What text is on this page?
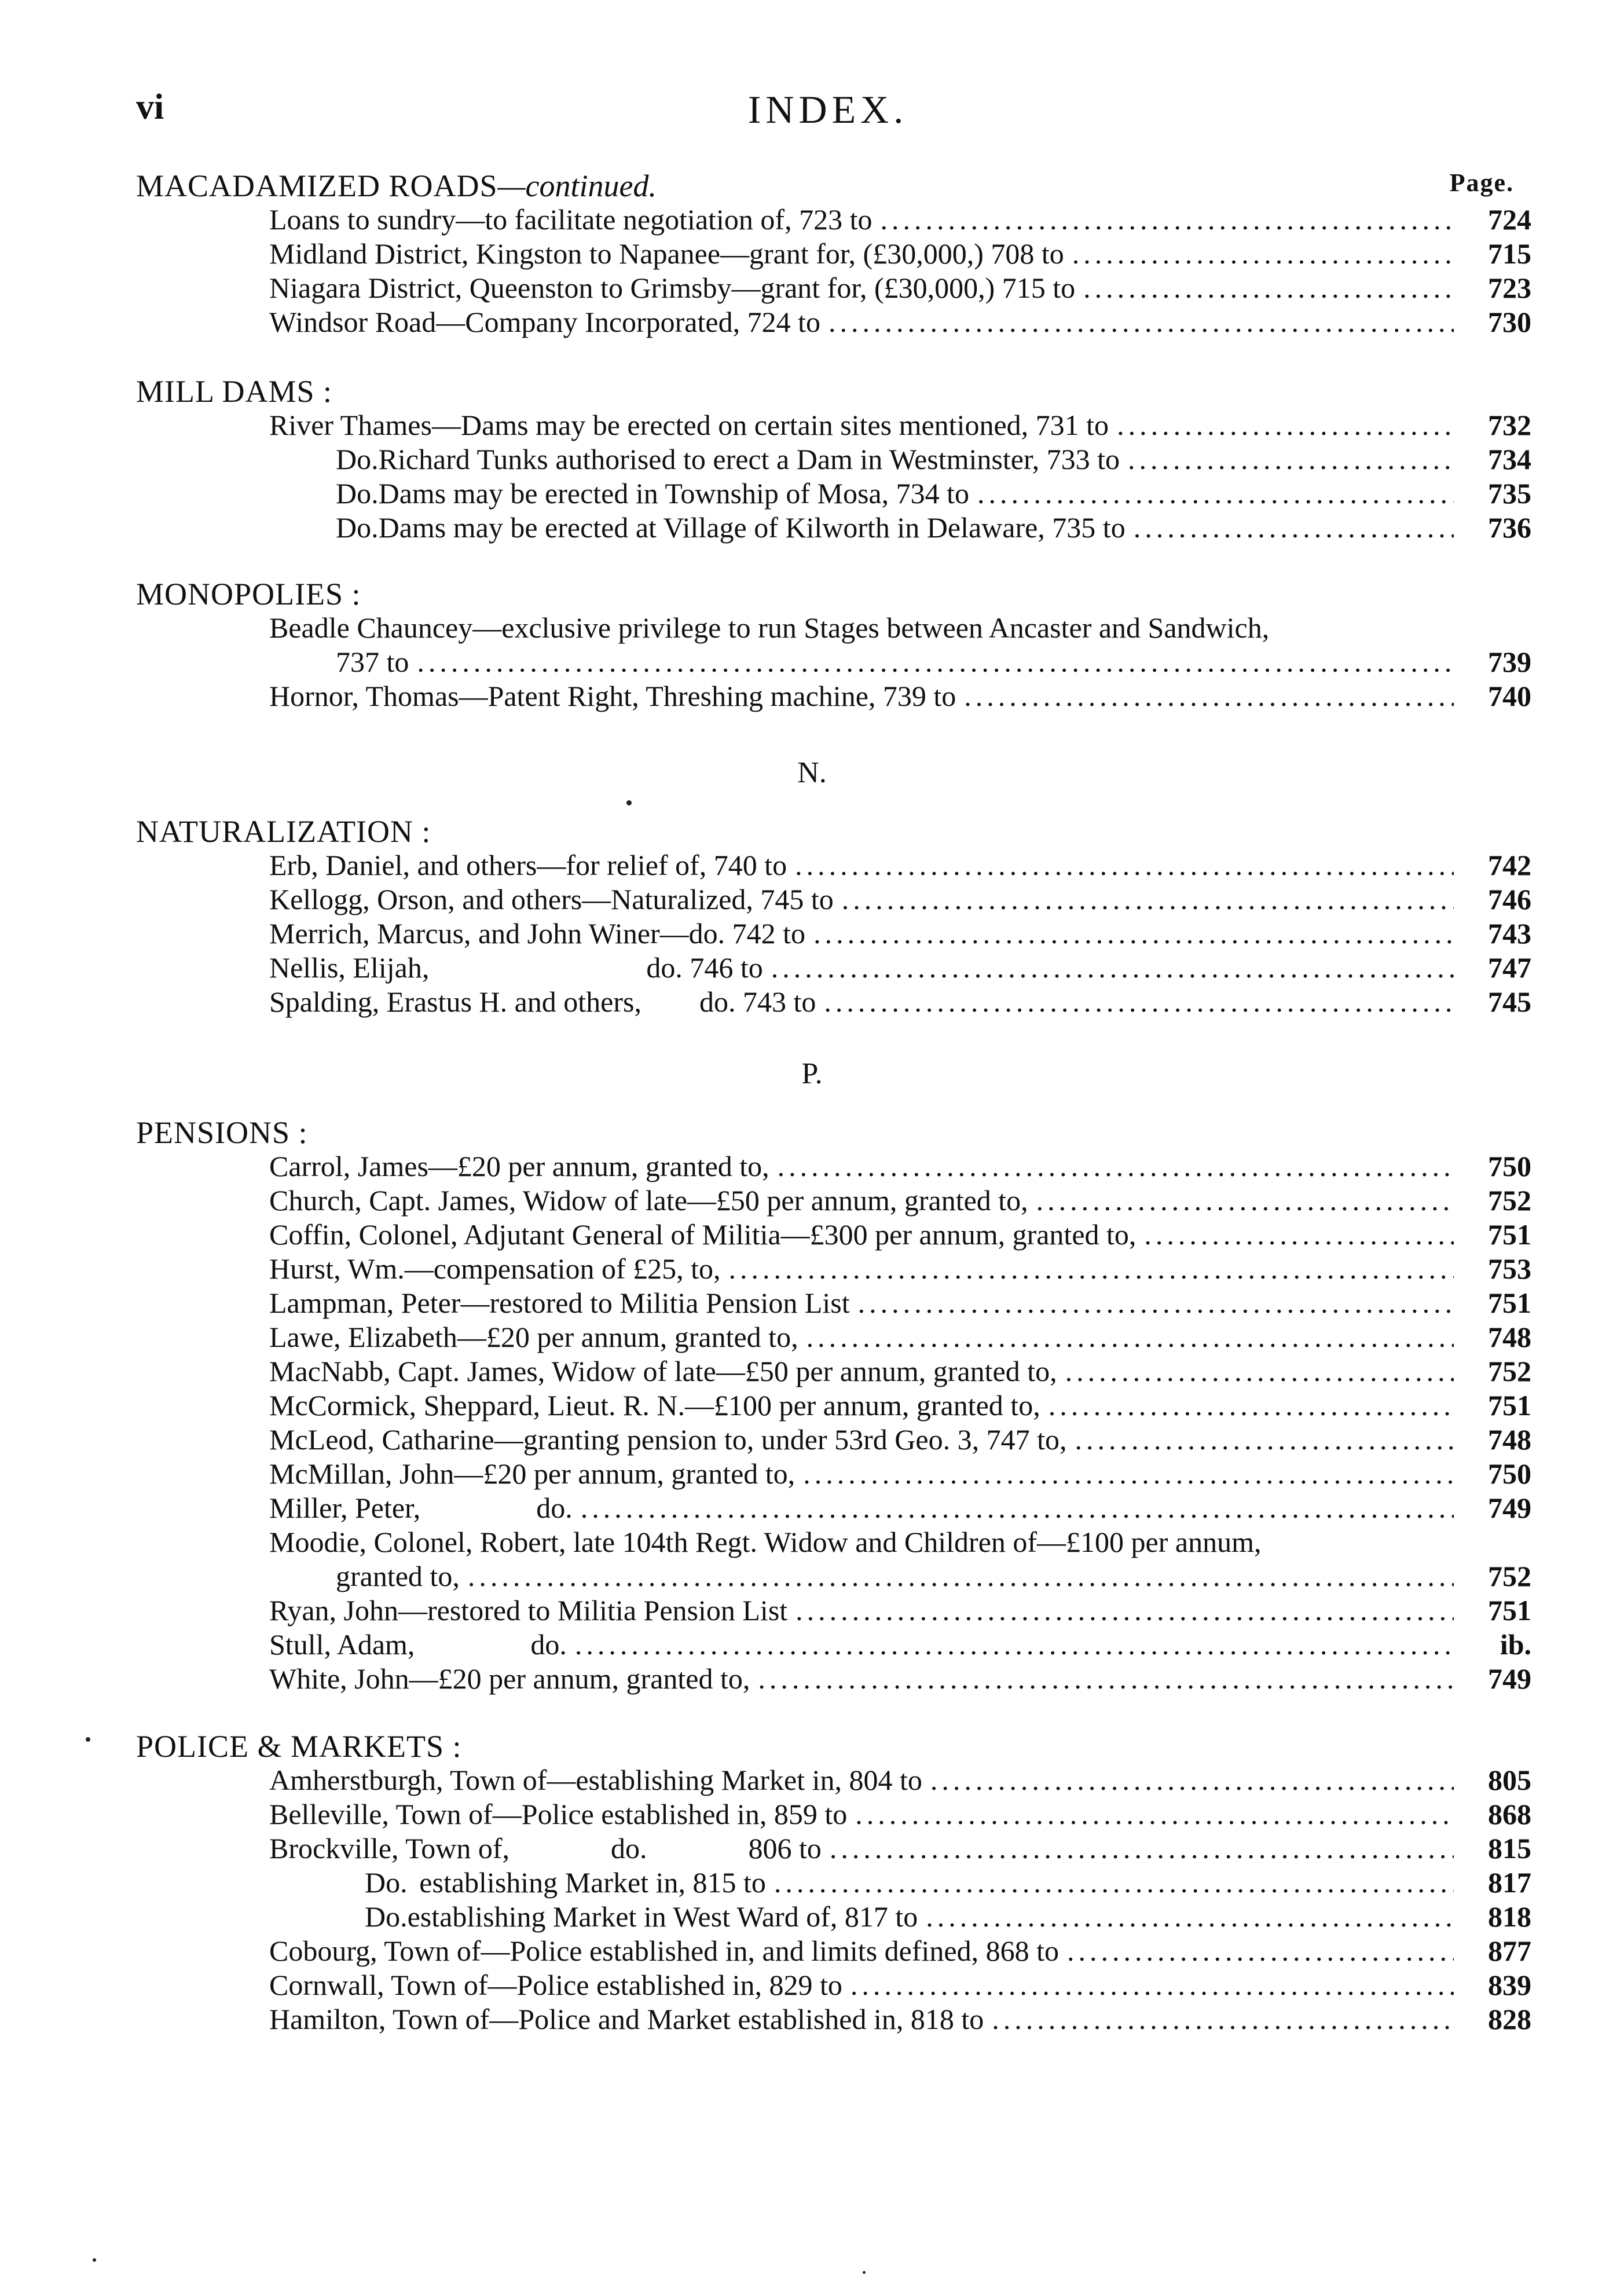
vi	INDEX.
MACADAMIZED ROADS—continued.	Page.
Loans to sundry—to facilitate negotiation of, 723 to .....	724
Midland District, Kingston to Napanee—grant for, (£30,000,) 708 to .....	715
Niagara District, Queenston to Grimsby—grant for, (£30,000,) 715 to .....	723
Windsor Road—Company Incorporated, 724 to .....	730
MILL DAMS :
River Thames—Dams may be erected on certain sites mentioned, 731 to .....	732
Do. Richard Tunks authorised to erect a Dam in Westminster, 733 to .....	734
Do. Dams may be erected in Township of Mosa, 734 to .....	735
Do. Dams may be erected at Village of Kilworth in Delaware, 735 to .....	736
MONOPOLIES :
Beadle Chauncey—exclusive privilege to run Stages between Ancaster and Sandwich,
737 to .....	739
Hornor, Thomas—Patent Right, Threshing machine, 739 to .....	740
N.
NATURALIZATION :
Erb, Daniel, and others—for relief of, 740 to .....	742
Kellogg, Orson, and others—Naturalized, 745 to .....	746
Merrich, Marcus, and John Winer—do. 742 to .....	743
Nellis, Elijah,                              do. 746 to .....	747
Spalding, Erastus H. and others,        do. 743 to .....	745
P.
PENSIONS :
Carrol, James—£20 per annum, granted to, .....	750
Church, Capt. James, Widow of late—£50 per annum, granted to, .....	752
Coffin, Colonel, Adjutant General of Militia—£300 per annum, granted to, .....	751
Hurst, Wm.—compensation of £25, to, .....	753
Lampman, Peter—restored to Militia Pension List .....	751
Lawe, Elizabeth—£20 per annum, granted to, .....	748
MacNabb, Capt. James, Widow of late—£50 per annum, granted to, .....	752
McCormick, Sheppard, Lieut. R. N.—£100 per annum, granted to, .....	751
McLeod, Catharine—granting pension to, under 53rd Geo. 3, 747 to, .....	748
McMillan, John—£20 per annum, granted to, .....	750
Miller, Peter,                do. .....	749
Moodie, Colonel, Robert, late 104th Regt. Widow and Children of—£100 per annum,
granted to, .....	752
Ryan, John—restored to Militia Pension List .....	751
Stull, Adam,                do. .....	ib.
White, John—£20 per annum, granted to, .....	749
POLICE & MARKETS :
Amherstburgh, Town of—establishing Market in, 804 to .....	805
Belleville, Town of—Police established in, 859 to .....	868
Brockville, Town of,              do.              806 to .....	815
Do. establishing Market in, 815 to .....	817
Do. establishing Market in West Ward of, 817 to .....	818
Cobourg, Town of—Police established in, and limits defined, 868 to .....	877
Cornwall, Town of—Police established in, 829 to .....	839
Hamilton, Town of—Police and Market established in, 818 to .....	828
